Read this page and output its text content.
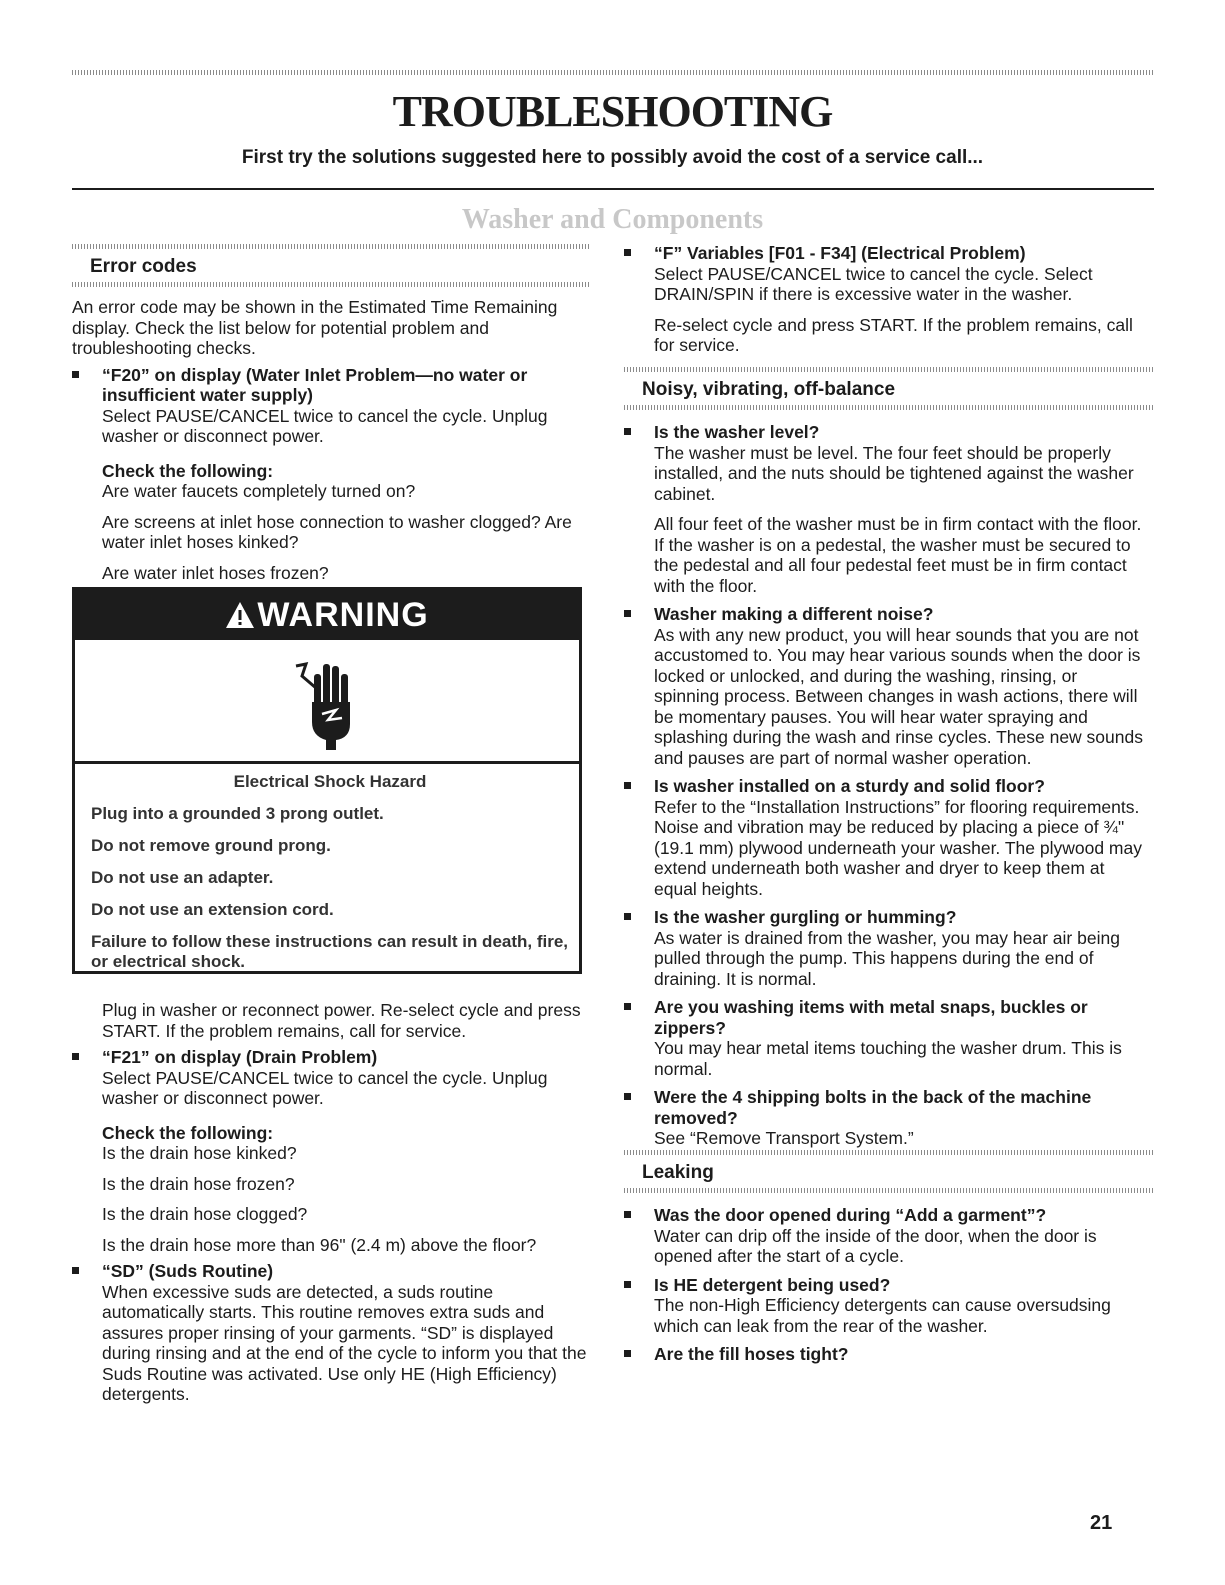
TROUBLESHOOTING

First try the solutions suggested here to possibly avoid the cost of a service call...

Washer and Components

Error codes

An error code may be shown in the Estimated Time Remaining display. Check the list below for potential problem and troubleshooting checks.

“F20” on display (Water Inlet Problem—no water or insufficient water supply)

Select PAUSE/CANCEL twice to cancel the cycle. Unplug washer or disconnect power.

Check the following:

Are water faucets completely turned on?

Are screens at inlet hose connection to washer clogged? Are water inlet hoses kinked?

Are water inlet hoses frozen?

WARNING

Electrical Shock Hazard

Plug into a grounded 3 prong outlet.

Do not remove ground prong.

Do not use an adapter.

Do not use an extension cord.

Failure to follow these instructions can result in death, fire, or electrical shock.

Plug in washer or reconnect power. Re-select cycle and press START. If the problem remains, call for service.

“F21” on display (Drain Problem)

Select PAUSE/CANCEL twice to cancel the cycle. Unplug washer or disconnect power.

Check the following:

Is the drain hose kinked?

Is the drain hose frozen?

Is the drain hose clogged?

Is the drain hose more than 96" (2.4 m) above the floor?

“SD” (Suds Routine)

When excessive suds are detected, a suds routine automatically starts. This routine removes extra suds and assures proper rinsing of your garments. “SD” is displayed during rinsing and at the end of the cycle to inform you that the Suds Routine was activated. Use only HE (High Efficiency) detergents.

“F” Variables [F01 - F34] (Electrical Problem)

Select PAUSE/CANCEL twice to cancel the cycle. Select DRAIN/SPIN if there is excessive water in the washer.

Re-select cycle and press START. If the problem remains, call for service.

Noisy, vibrating, off-balance

Is the washer level?

The washer must be level. The four feet should be properly installed, and the nuts should be tightened against the washer cabinet.

All four feet of the washer must be in firm contact with the floor. If the washer is on a pedestal, the washer must be secured to the pedestal and all four pedestal feet must be in firm contact with the floor.

Washer making a different noise?

As with any new product, you will hear sounds that you are not accustomed to. You may hear various sounds when the door is locked or unlocked, and during the washing, rinsing, or spinning process. Between changes in wash actions, there will be momentary pauses. You will hear water spraying and splashing during the wash and rinse cycles. These new sounds and pauses are part of normal washer operation.

Is washer installed on a sturdy and solid floor?

Refer to the “Installation Instructions” for flooring requirements. Noise and vibration may be reduced by placing a piece of ¾" (19.1 mm) plywood underneath your washer. The plywood may extend underneath both washer and dryer to keep them at equal heights.

Is the washer gurgling or humming?

As water is drained from the washer, you may hear air being pulled through the pump. This happens during the end of draining. It is normal.

Are you washing items with metal snaps, buckles or zippers?

You may hear metal items touching the washer drum. This is normal.

Were the 4 shipping bolts in the back of the machine removed?

See “Remove Transport System.”

Leaking

Was the door opened during “Add a garment”?

Water can drip off the inside of the door, when the door is opened after the start of a cycle.

Is HE detergent being used?

The non-High Efficiency detergents can cause oversudsing which can leak from the rear of the washer.

Are the fill hoses tight?

21
